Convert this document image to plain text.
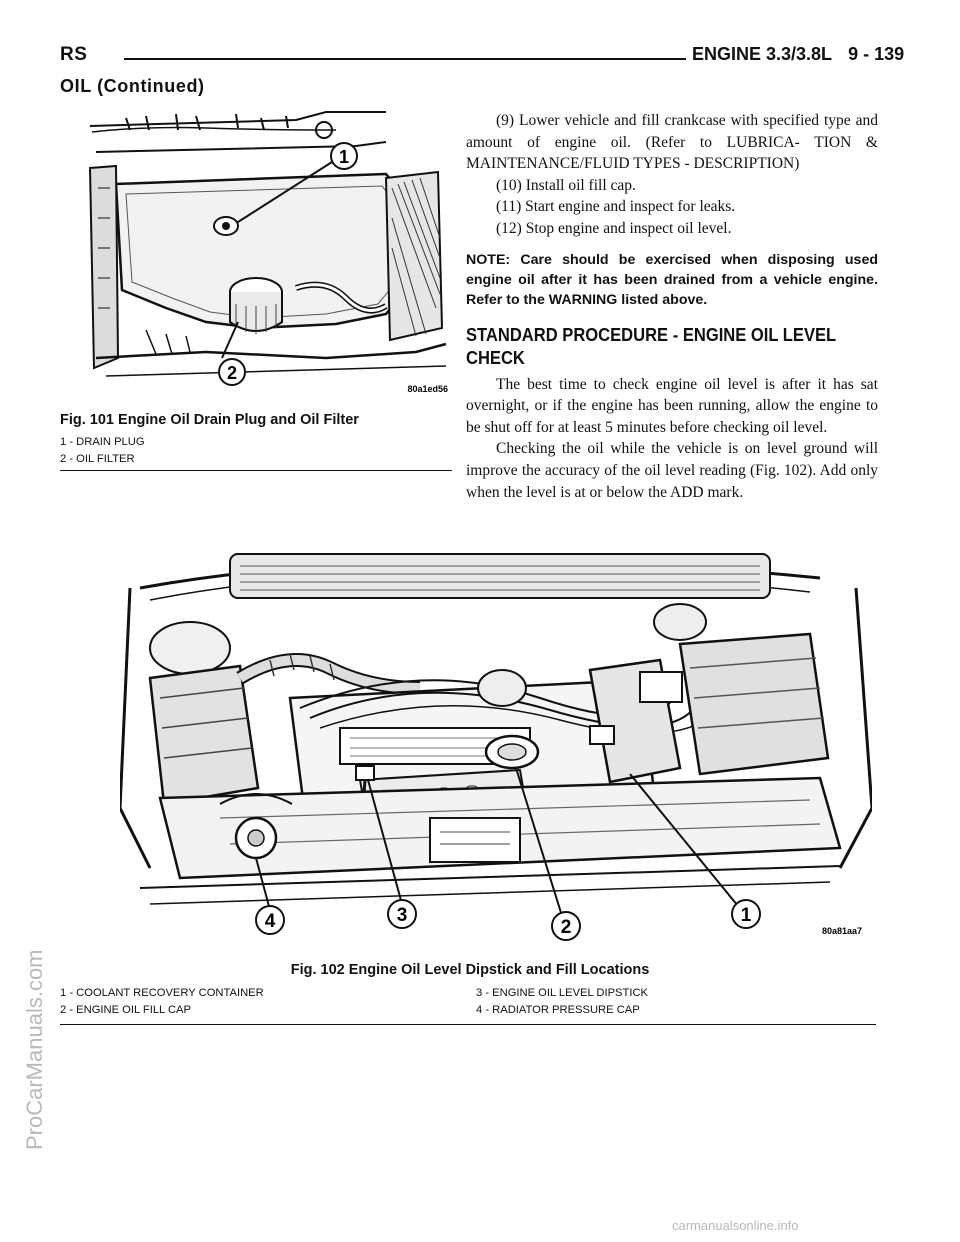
RS	ENGINE 3.3/3.8L 9 - 139
OIL (Continued)
1
2
80a1ed56
Fig. 101 Engine Oil Drain Plug and Oil Filter
1 - DRAIN PLUG
2 - OIL FILTER

(9) Lower vehicle and fill crankcase with specified type and amount of engine oil. (Refer to LUBRICA- TION & MAINTENANCE/FLUID TYPES - DESCRIPTION)

(10) Install oil fill cap.

(11) Start engine and inspect for leaks.

(12) Stop engine and inspect oil level.

NOTE: Care should be exercised when disposing used engine oil after it has been drained from a vehicle engine. Refer to the WARNING listed above.

STANDARD PROCEDURE - ENGINE OIL LEVEL CHECK

The best time to check engine oil level is after it has sat overnight, or if the engine has been running, allow the engine to be shut off for at least 5 minutes before checking oil level.

Checking the oil while the vehicle is on level ground will improve the accuracy of the oil level reading (Fig. 102). Add only when the level is at or below the ADD mark.

1
2
3
4	80a81aa7
Fig. 102 Engine Oil Level Dipstick and Fill Locations
1 - COOLANT RECOVERY CONTAINER
2 - ENGINE OIL FILL CAP
3 - ENGINE OIL LEVEL DIPSTICK
4 - RADIATOR PRESSURE CAP
ProCarManuals.com
carmanualsonline.info
